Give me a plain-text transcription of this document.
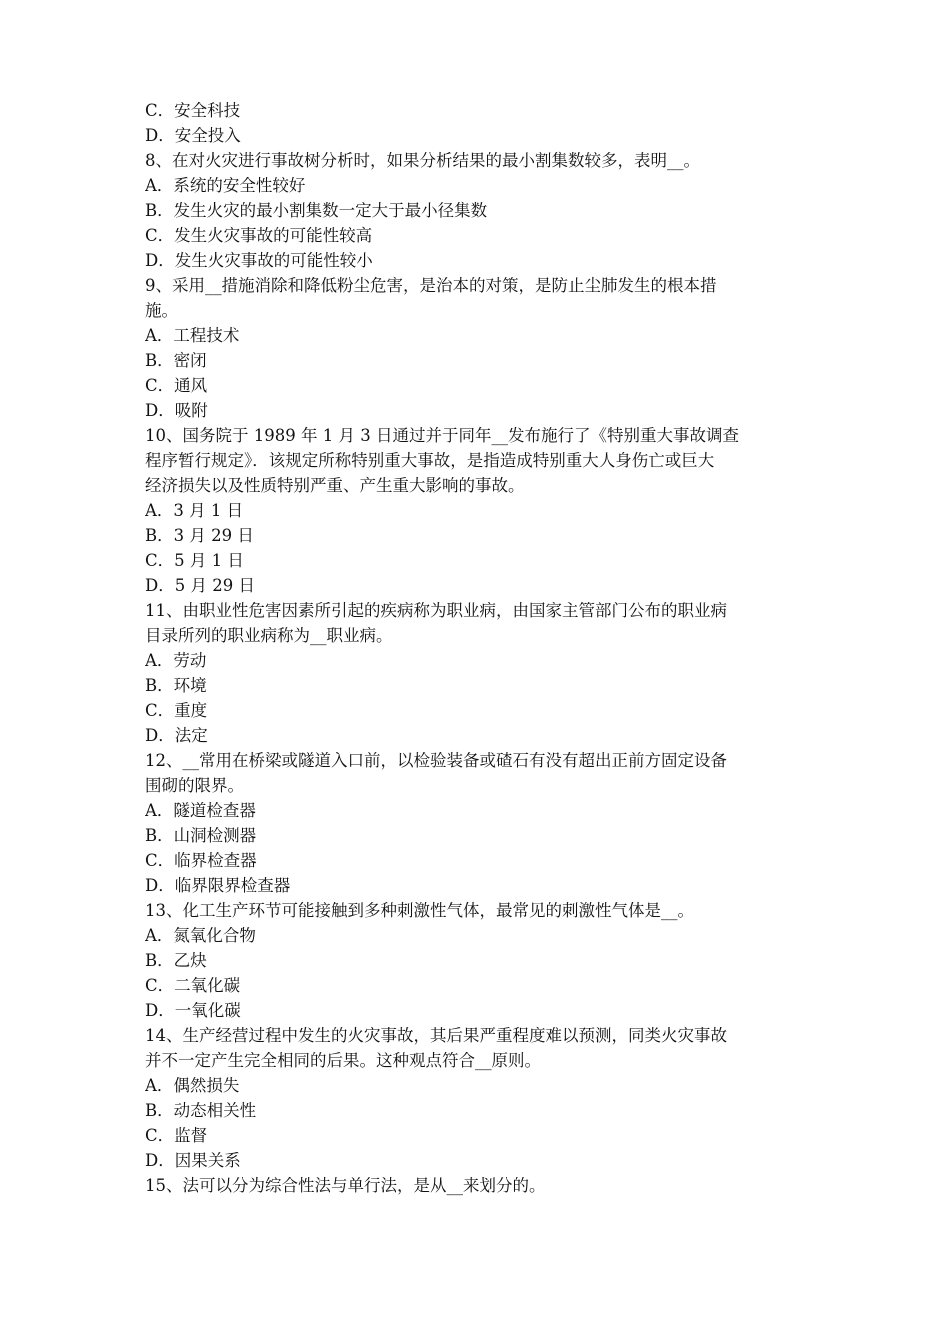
C．安全科技
D．安全投入
8、在对火灾进行事故树分析时，如果分析结果的最小割集数较多，表明__。
A．系统的安全性较好
B．发生火灾的最小割集数一定大于最小径集数
C．发生火灾事故的可能性较高
D．发生火灾事故的可能性较小
9、采用__措施消除和降低粉尘危害，是治本的对策，是防止尘肺发生的根本措
施。
A．工程技术
B．密闭
C．通风
D．吸附
10、国务院于 1989 年 1 月 3 日通过并于同年__发布施行了《特别重大事故调查
程序暂行规定》．该规定所称特别重大事故，是指造成特别重大人身伤亡或巨大
经济损失以及性质特别严重、产生重大影响的事故。
A．3 月 1 日
B．3 月 29 日
C．5 月 1 日
D．5 月 29 日
11、由职业性危害因素所引起的疾病称为职业病，由国家主管部门公布的职业病
目录所列的职业病称为__职业病。
A．劳动
B．环境
C．重度
D．法定
12、__常用在桥梁或隧道入口前，以检验装备或碴石有没有超出正前方固定设备
围砌的限界。
A．隧道检查器
B．山洞检测器
C．临界检查器
D．临界限界检查器
13、化工生产环节可能接触到多种刺激性气体，最常见的刺激性气体是__。
A．氮氧化合物
B．乙炔
C．二氧化碳
D．一氧化碳
14、生产经营过程中发生的火灾事故，其后果严重程度难以预测，同类火灾事故
并不一定产生完全相同的后果。这种观点符合__原则。
A．偶然损失
B．动态相关性
C．监督
D．因果关系
15、法可以分为综合性法与单行法，是从__来划分的。
